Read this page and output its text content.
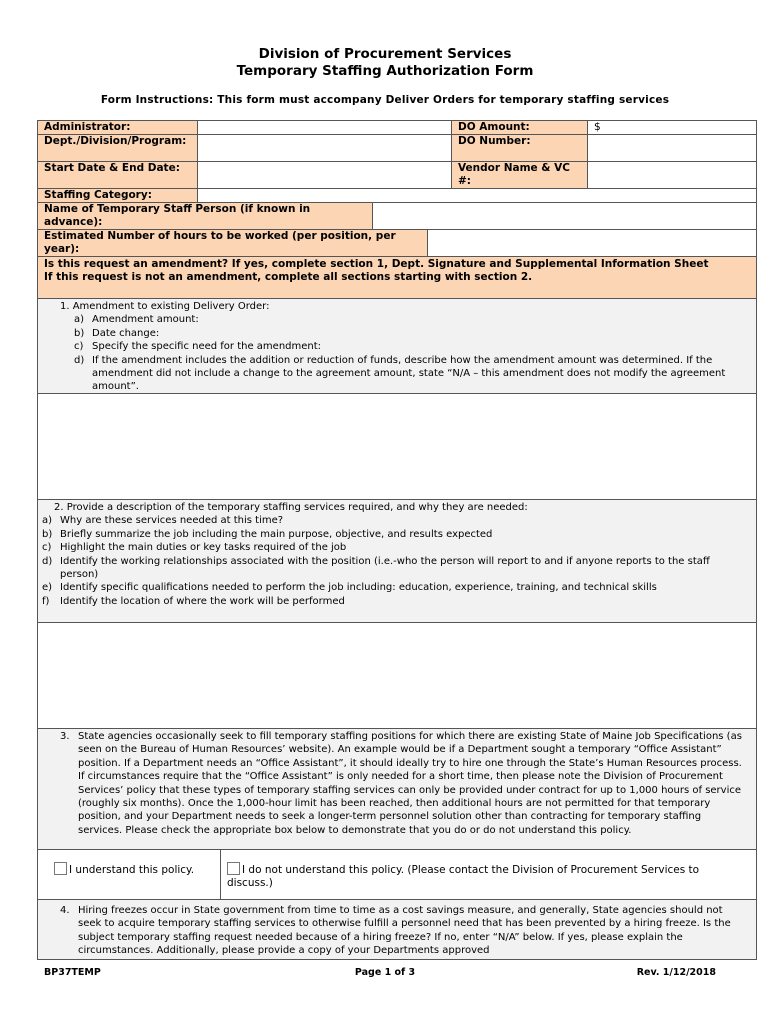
Division of Procurement Services
Temporary Staffing Authorization Form
Form Instructions: This form must accompany Deliver Orders for temporary staffing services
Administrator:	DO Amount:	$
Dept./Division/Program:	DO Number:
Start Date & End Date:	Vendor Name & VC #:
Staffing Category:
Name of Temporary Staff Person (if known in advance):
Estimated Number of hours to be worked (per position, per year):
Is this request an amendment? If yes, complete section 1, Dept. Signature and Supplemental Information Sheet
If this request is not an amendment, complete all sections starting with section 2.
1. Amendment to existing Delivery Order:
a) Amendment amount:
b) Date change:
c) Specify the specific need for the amendment:
d) If the amendment includes the addition or reduction of funds, describe how the amendment amount was determined. If the amendment did not include a change to the agreement amount, state “N/A – this amendment does not modify the agreement amount”.
2. Provide a description of the temporary staffing services required, and why they are needed:
a) Why are these services needed at this time?
b) Briefly summarize the job including the main purpose, objective, and results expected
c) Highlight the main duties or key tasks required of the job
d) Identify the working relationships associated with the position (i.e.-who the person will report to and if anyone reports to the staff person)
e) Identify specific qualifications needed to perform the job including: education, experience, training, and technical skills
f)	Identify the location of where the work will be performed
3. State agencies occasionally seek to fill temporary staffing positions for which there are existing State of Maine Job Specifications (as seen on the Bureau of Human Resources’ website). An example would be if a Department sought a temporary “Office Assistant” position. If a Department needs an “Office Assistant”, it should ideally try to hire one through the State’s Human Resources process. If circumstances require that the “Office Assistant” is only needed for a short time, then please note the Division of Procurement Services’ policy that these types of temporary staffing services can only be provided under contract for up to 1,000 hours of service (roughly six months). Once the 1,000-hour limit has been reached, then additional hours are not permitted for that temporary position, and your Department needs to seek a longer-term personnel solution other than contracting for temporary staffing services. Please check the appropriate box below to demonstrate that you do or do not understand this policy.
I understand this policy.	I do not understand this policy. (Please contact the Division of Procurement Services to discuss.)
4. Hiring freezes occur in State government from time to time as a cost savings measure, and generally, State agencies should not seek to acquire temporary staffing services to otherwise fulfill a personnel need that has been prevented by a hiring freeze. Is the subject temporary staffing request needed because of a hiring freeze? If no, enter “N/A” below. If yes, please explain the circumstances. Additionally, please provide a copy of your Departments approved
BP37TEMP	Page 1 of 3	Rev. 1/12/2018
